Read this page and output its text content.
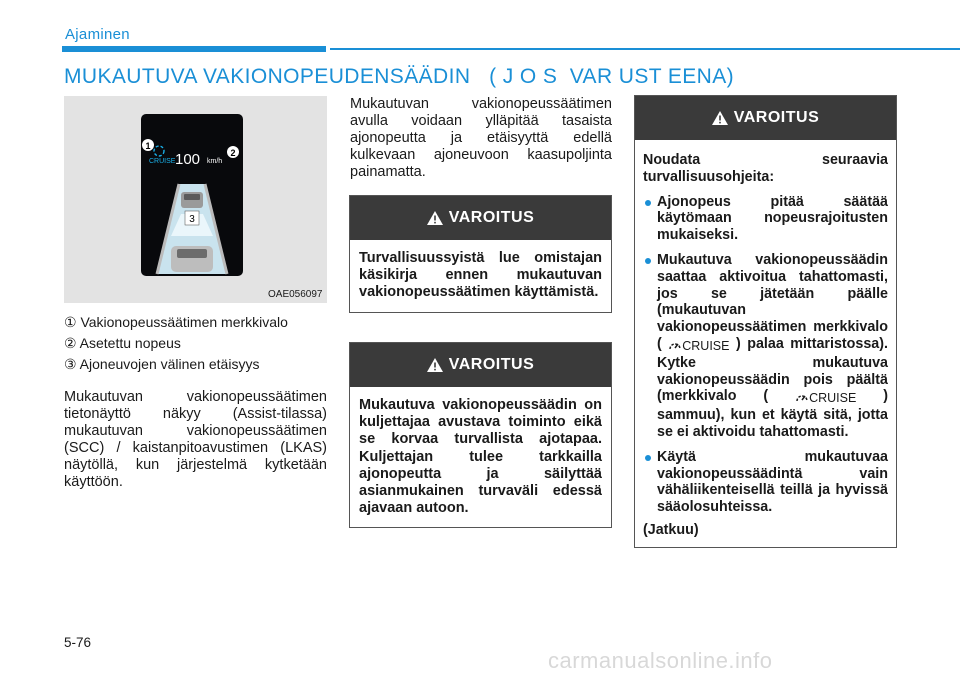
Ajaminen
MUKAUTUVA VAKIONOPEUDENSÄÄDIN   ( J O S  VAR UST EENA)
1
2
3
CRUISE 100 km/h
OAE056097
① Vakionopeussäätimen merkkivalo
② Asetettu nopeus
③ Ajoneuvojen välinen etäisyys
Mukautuvan vakionopeussäätimen tietonäyttö näkyy (Assist-tilassa) mukautuvan vakionopeussäätimen (SCC) / kaistanpitoavustimen (LKAS) näytöllä, kun järjestelmä kytketään käyttöön.
Mukautuvan vakionopeussäätimen avulla voidaan ylläpitää tasaista ajonopeutta ja etäisyyttä edellä kulkevaan ajoneuvoon kaasupoljinta painamatta.
VAROITUS
Turvallisuussyistä lue omistajan käsikirja ennen mukautuvan vakionopeussäätimen käyttämistä.
VAROITUS
Mukautuva vakionopeussäädin on kuljettajaa avustava toiminto eikä se korvaa turvallista ajotapaa. Kuljettajan tulee tarkkailla ajonopeutta ja säilyttää asianmukainen turvaväli edessä ajavaan autoon.
VAROITUS
Noudata seuraavia turvallisuusohjeita:
Ajonopeus pitää säätää käytömaan nopeusrajoitusten mukaiseksi.
Mukautuva vakionopeussäädin saattaa aktivoitua tahattomasti, jos se jätetään päälle (mukautuvan vakionopeussäätimen merkkivalo ( CRUISE ) palaa mittaristossa). Kytke mukautuva vakionopeussäädin pois päältä (merkkivalo (	CRUISE ) sammuu), kun et käytä sitä, jotta se ei aktivoidu tahattomasti.
Käytä mukautuvaa vakionopeussäädintä vain vähäliikenteisellä teillä ja hyvissä sääolosuhteissa.
(Jatkuu)
5-76
carmanualsonline.info
